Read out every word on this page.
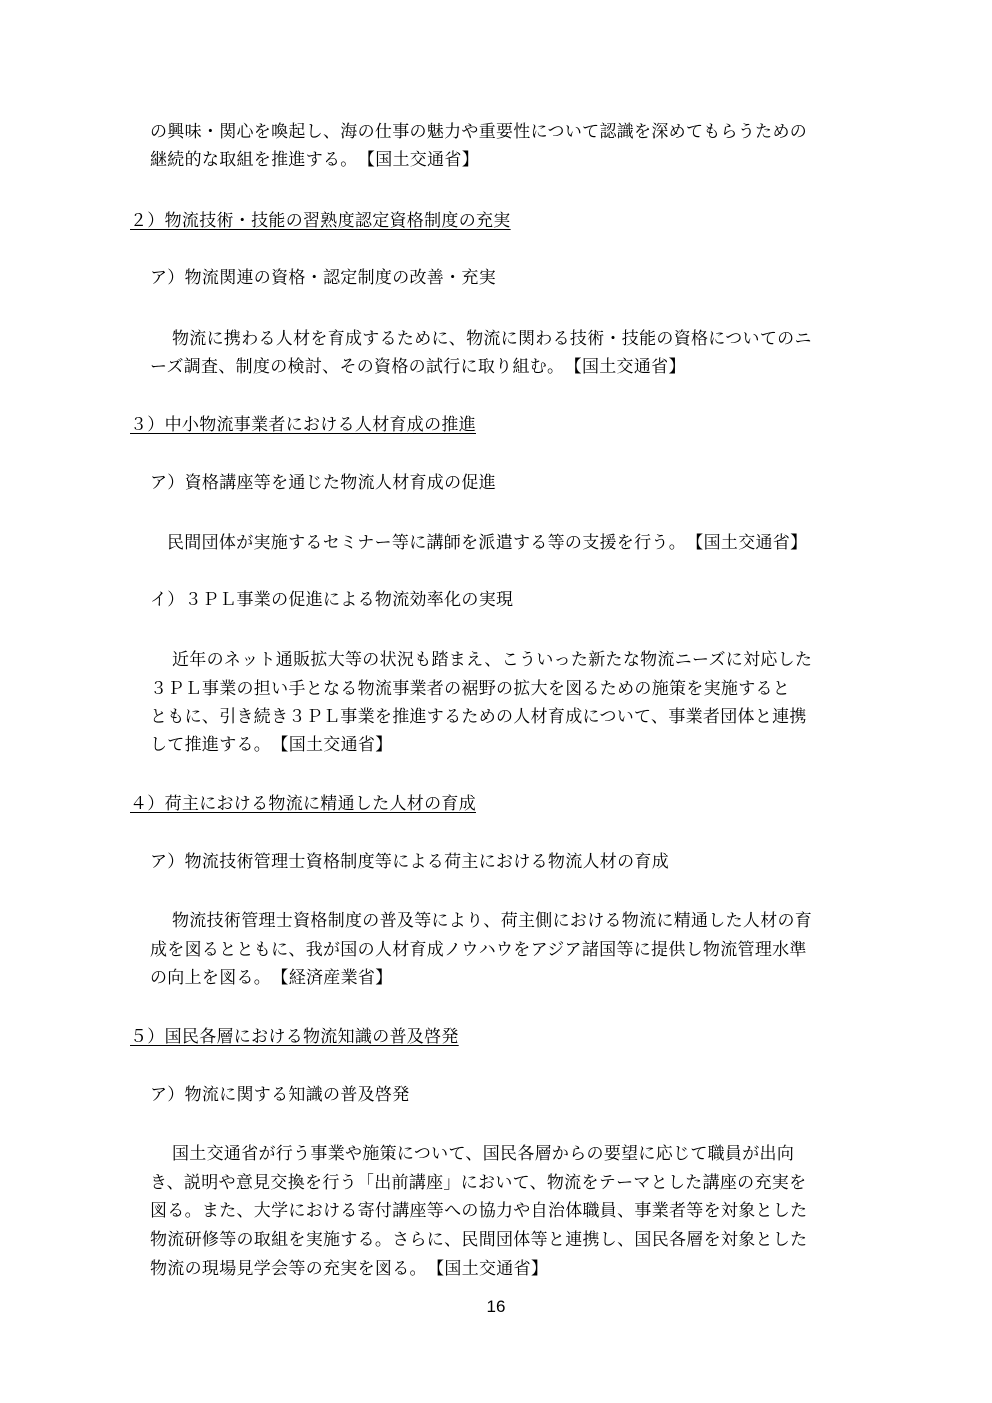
の興味・関心を喚起し、海の仕事の魅力や重要性について認識を深めてもらうための
継続的な取組を推進する。　【国土交通省】
２）物流技術・技能の習熟度認定資格制度の充実
ア）物流関連の資格・認定制度の改善・充実
物流に携わる人材を育成するために、物流に関わる技術・技能の資格についてのニ
ーズ調査、制度の検討、その資格の試行に取り組む。　【国土交通省】
３）中小物流事業者における人材育成の推進
ア）資格講座等を通じた物流人材育成の促進
民間団体が実施するセミナー等に講師を派遣する等の支援を行う。　【国土交通省】
イ）３ＰＬ事業の促進による物流効率化の実現
近年のネット通販拡大等の状況も踏まえ、こういった新たな物流ニーズに対応した
３ＰＬ事業の担い手となる物流事業者の裾野の拡大を図るための施策を実施すると
ともに、引き続き３ＰＬ事業を推進するための人材育成について、事業者団体と連携
して推進する。　【国土交通省】
４）荷主における物流に精通した人材の育成
ア）物流技術管理士資格制度等による荷主における物流人材の育成
物流技術管理士資格制度の普及等により、荷主側における物流に精通した人材の育
成を図るとともに、我が国の人材育成ノウハウをアジア諸国等に提供し物流管理水準
の向上を図る。　【経済産業省】
５）国民各層における物流知識の普及啓発
ア）物流に関する知識の普及啓発
国土交通省が行う事業や施策について、国民各層からの要望に応じて職員が出向
き、説明や意見交換を行う「出前講座」において、物流をテーマとした講座の充実を
図る。また、大学における寄付講座等への協力や自治体職員、事業者等を対象とした
物流研修等の取組を実施する。さらに、民間団体等と連携し、国民各層を対象とした
物流の現場見学会等の充実を図る。　【国土交通省】
16
